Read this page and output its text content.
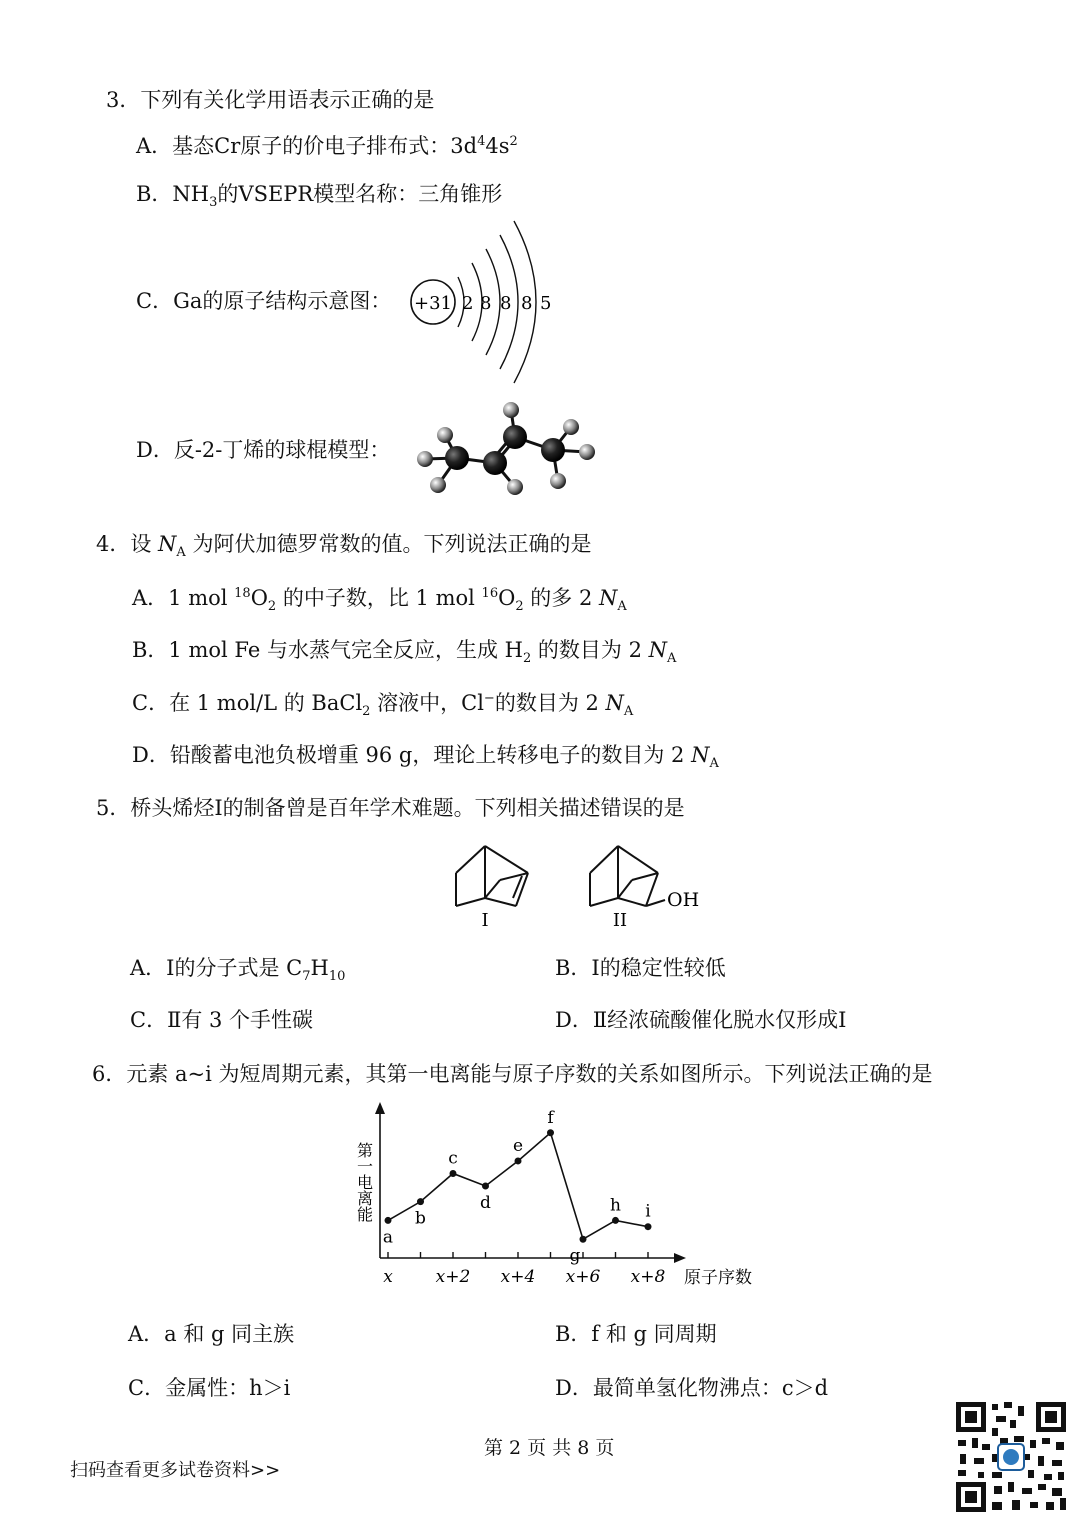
3．下列有关化学用语表示正确的是
A．基态Cr原子的价电子排布式：$3d^44s^2$
B．$NH_3$的VSEPR模型名称：三角锥形
C．Ga的原子结构示意图： +31 2 8 8 8 5
D．反-2-丁烯的球棍模型：
4．设 $N_A$ 为阿伏加德罗常数的值。下列说法正确的是
A．1 mol $^{18}O_2$ 的中子数，比 1 mol $^{16}O_2$ 的多 2 $N_A$
B．1 mol Fe 与水蒸气完全反应，生成 $H_2$ 的数目为 2 $N_A$
C．在 1 mol/L 的 BaCl$_2$ 溶液中，Cl−的数目为 2 $N_A$
D．铅酸蓄电池负极增重 96 g，理论上转移电子的数目为 2 $N_A$
5．桥头烯烃Ⅰ的制备曾是百年学术难题。下列相关描述错误的是
I
OH
II
A．Ⅰ的分子式是 $C_7H_{10}$	B．Ⅰ的稳定性较低
C．Ⅱ有 3 个手性碳	D．Ⅱ经浓硫酸催化脱水仅形成Ⅰ
6．元素 a~i 为短周期元素，其第一电离能与原子序数的关系如图所示。下列说法正确的是
第一电离能
原子序数
x	x+2 x+4 x+6 x+8
a
b
c
d
e
f
g
h i
A．a 和 g 同主族	B．f 和 g 同周期
C．金属性：h＞i	D．最简单氢化物沸点：c＞d
第 2 页 共 8 页
扫码查看更多试卷资料>>
